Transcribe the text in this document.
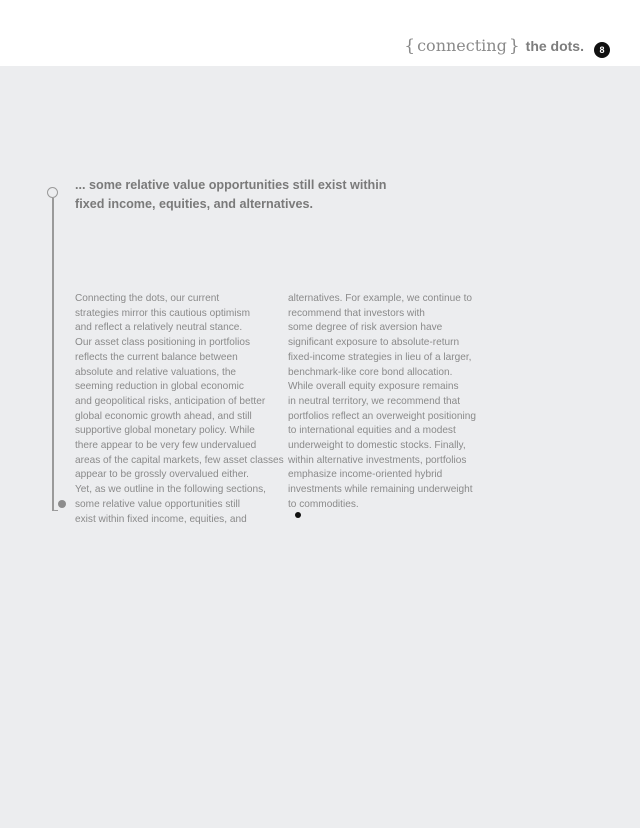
{ connecting } the dots.	8
... some relative value opportunities still exist within
fixed income, equities, and alternatives.
Connecting the dots, our current
strategies mirror this cautious optimism
and reflect a relatively neutral stance.
Our asset class positioning in portfolios
reflects the current balance between
absolute and relative valuations, the
seeming reduction in global economic
and geopolitical risks, anticipation of better
global economic growth ahead, and still
supportive global monetary policy. While
there appear to be very few undervalued
areas of the capital markets, few asset classes
appear to be grossly overvalued either.
Yet, as we outline in the following sections,
some relative value opportunities still
exist within fixed income, equities, and
alternatives. For example, we continue to
recommend that investors with
some degree of risk aversion have
significant exposure to absolute-return
fixed-income strategies in lieu of a larger,
benchmark-like core bond allocation.
While overall equity exposure remains
in neutral territory, we recommend that
portfolios reflect an overweight positioning
to international equities and a modest
underweight to domestic stocks. Finally,
within alternative investments, portfolios
emphasize income-oriented hybrid
investments while remaining underweight
to commodities.
